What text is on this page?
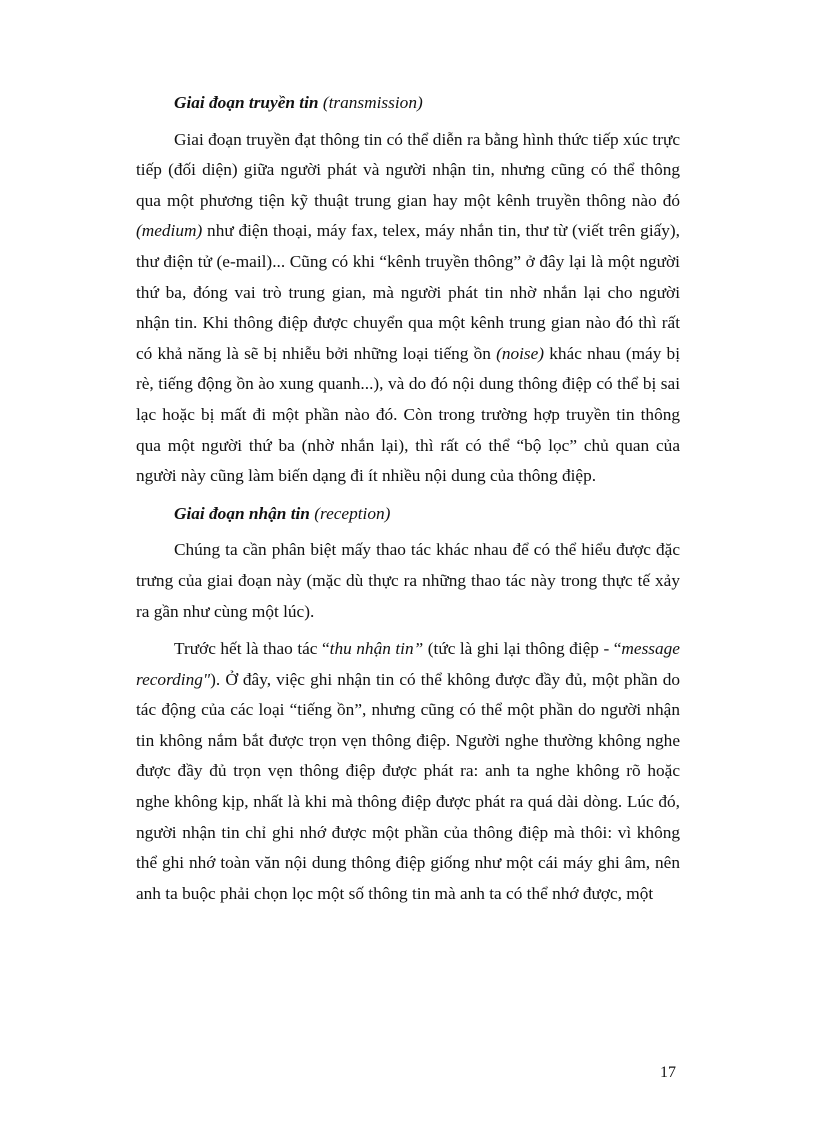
Giai đoạn truyền tin (transmission)

Giai đoạn truyền đạt thông tin có thể diễn ra bằng hình thức tiếp xúc trực tiếp (đối diện) giữa người phát và người nhận tin, nhưng cũng có thể thông qua một phương tiện kỹ thuật trung gian hay một kênh truyền thông nào đó (medium) như điện thoại, máy fax, telex, máy nhắn tin, thư từ (viết trên giấy), thư điện tử (e-mail)... Cũng có khi “kênh truyền thông” ở đây lại là một người thứ ba, đóng vai trò trung gian, mà người phát tin nhờ nhắn lại cho người nhận tin. Khi thông điệp được chuyển qua một kênh trung gian nào đó thì rất có khả năng là sẽ bị nhiễu bởi những loại tiếng ồn (noise) khác nhau (máy bị rè, tiếng động ồn ào xung quanh...), và do đó nội dung thông điệp có thể bị sai lạc hoặc bị mất đi một phần nào đó. Còn trong trường hợp truyền tin thông qua một người thứ ba (nhờ nhắn lại), thì rất có thể “bộ lọc” chủ quan của người này cũng làm biến dạng đi ít nhiều nội dung của thông điệp.

Giai đoạn nhận tin (reception)

Chúng ta cần phân biệt mấy thao tác khác nhau để có thể hiểu được đặc trưng của giai đoạn này (mặc dù thực ra những thao tác này trong thực tế xảy ra gần như cùng một lúc).

Trước hết là thao tác “thu nhận tin” (tức là ghi lại thông điệp - “message recording"). Ở đây, việc ghi nhận tin có thể không được đầy đủ, một phần do tác động của các loại “tiếng ồn”, nhưng cũng có thể một phần do người nhận tin không nắm bắt được trọn vẹn thông điệp. Người nghe thường không nghe được đầy đủ trọn vẹn thông điệp được phát ra: anh ta nghe không rõ hoặc nghe không kịp, nhất là khi mà thông điệp được phát ra quá dài dòng. Lúc đó, người nhận tin chỉ ghi nhớ được một phần của thông điệp mà thôi: vì không thể ghi nhớ toàn văn nội dung thông điệp giống như một cái máy ghi âm, nên anh ta buộc phải chọn lọc một số thông tin mà anh ta có thể nhớ được, một

17
